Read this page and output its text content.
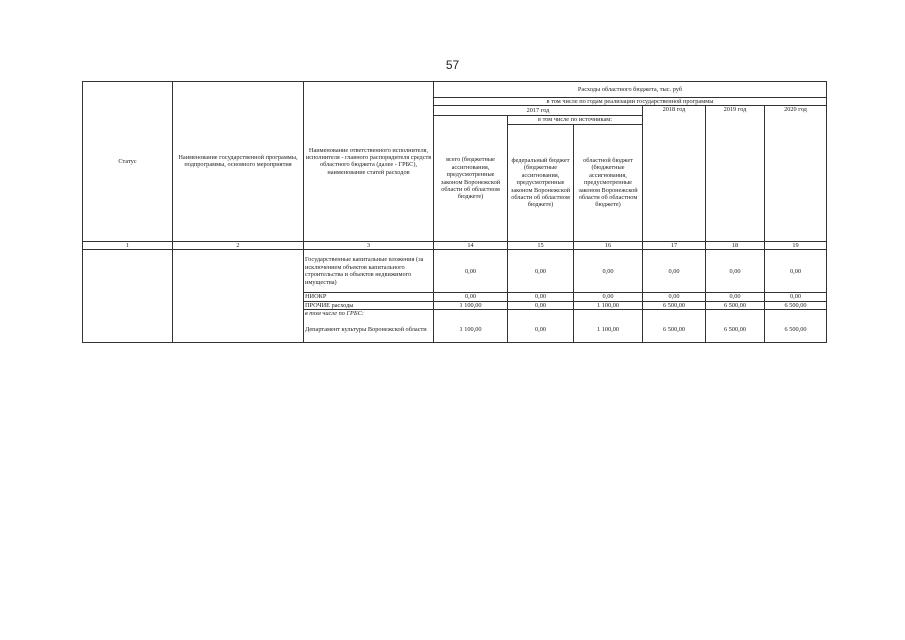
57
Статус	Наименование государственной программы, подпрограммы, основного мероприятия	Наименование ответственного исполнителя, исполнителя - главного распорядителя средств областного бюджета (далее - ГРБС), наименование статей расходов	Расходы областного бюджета, тыс. руб					
			в том числе по годам реализации государственной программы					
			2017 год			2018 год	2019 год	2020 год
			всего (бюджетные ассигнования, предусмотренные законом Воронежской области об областном бюджете)	в том числе по источникам:				
				федеральный бюджет (бюджетные ассигнования, предусмотренные законом Воронежской области об областном бюджете)	областной бюджет (бюджетные ассигнования, предусмотренные законом Воронежской области об областном бюджете)			
1	2	3	14	15	16	17	18	19
		Государственные капитальные вложения (за исключением объектов капитального строительства и объектов недвижимого имущества)	0,00	0,00	0,00	0,00	0,00	0,00
		НИОКР	0,00	0,00	0,00	0,00	0,00	0,00
		ПРОЧИЕ расходы	1 100,00	0,00	1 100,00	6 500,00	6 500,00	6 500,00
		в том числе по ГРБС:						
		Департамент культуры Воронежской области	1 100,00	0,00	1 100,00	6 500,00	6 500,00	6 500,00
